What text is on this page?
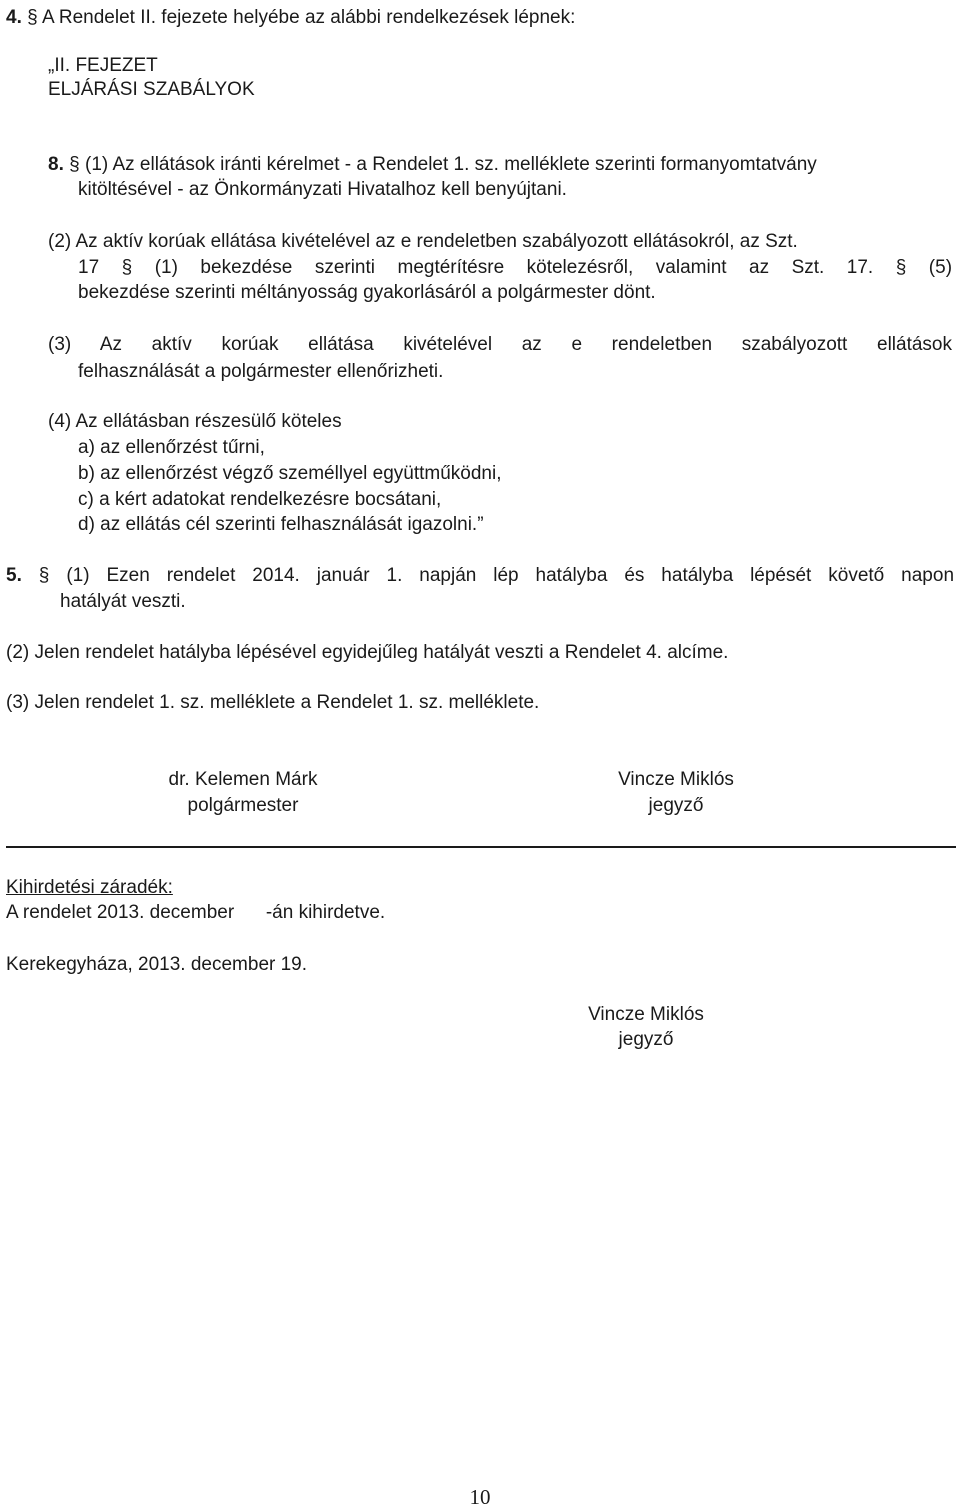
4. § A Rendelet II. fejezete helyébe az alábbi rendelkezések lépnek:
„II. FEJEZET
ELJÁRÁSI SZABÁLYOK
8. § (1) Az ellátások iránti kérelmet - a Rendelet 1. sz. melléklete szerinti formanyomtatvány
kitöltésével - az Önkormányzati Hivatalhoz kell benyújtani.
(2) Az aktív korúak ellátása kivételével az e rendeletben szabályozott ellátásokról, az Szt.
17 § (1) bekezdése szerinti megtérítésre kötelezésről, valamint az Szt. 17. § (5)
bekezdése szerinti méltányosság gyakorlásáról a polgármester dönt.
(3) Az aktív korúak ellátása kivételével az e rendeletben szabályozott ellátások
felhasználását a polgármester ellenőrizheti.
(4) Az ellátásban részesülő köteles
a) az ellenőrzést tűrni,
b) az ellenőrzést végző személlyel együttműködni,
c) a kért adatokat rendelkezésre bocsátani,
d) az ellátás cél szerinti felhasználását igazolni.”
5. § (1) Ezen rendelet 2014. január 1. napján lép hatályba és hatályba lépését követő napon
hatályát veszti.
(2) Jelen rendelet hatályba lépésével egyidejűleg hatályát veszti a Rendelet 4. alcíme.
(3) Jelen rendelet 1. sz. melléklete a Rendelet 1. sz. melléklete.
dr. Kelemen Márk
polgármester
Vincze Miklós
jegyző
Kihirdetési záradék:
A rendelet 2013. december      -án kihirdetve.
Kerekegyháza, 2013. december 19.
Vincze Miklós
jegyző
10
